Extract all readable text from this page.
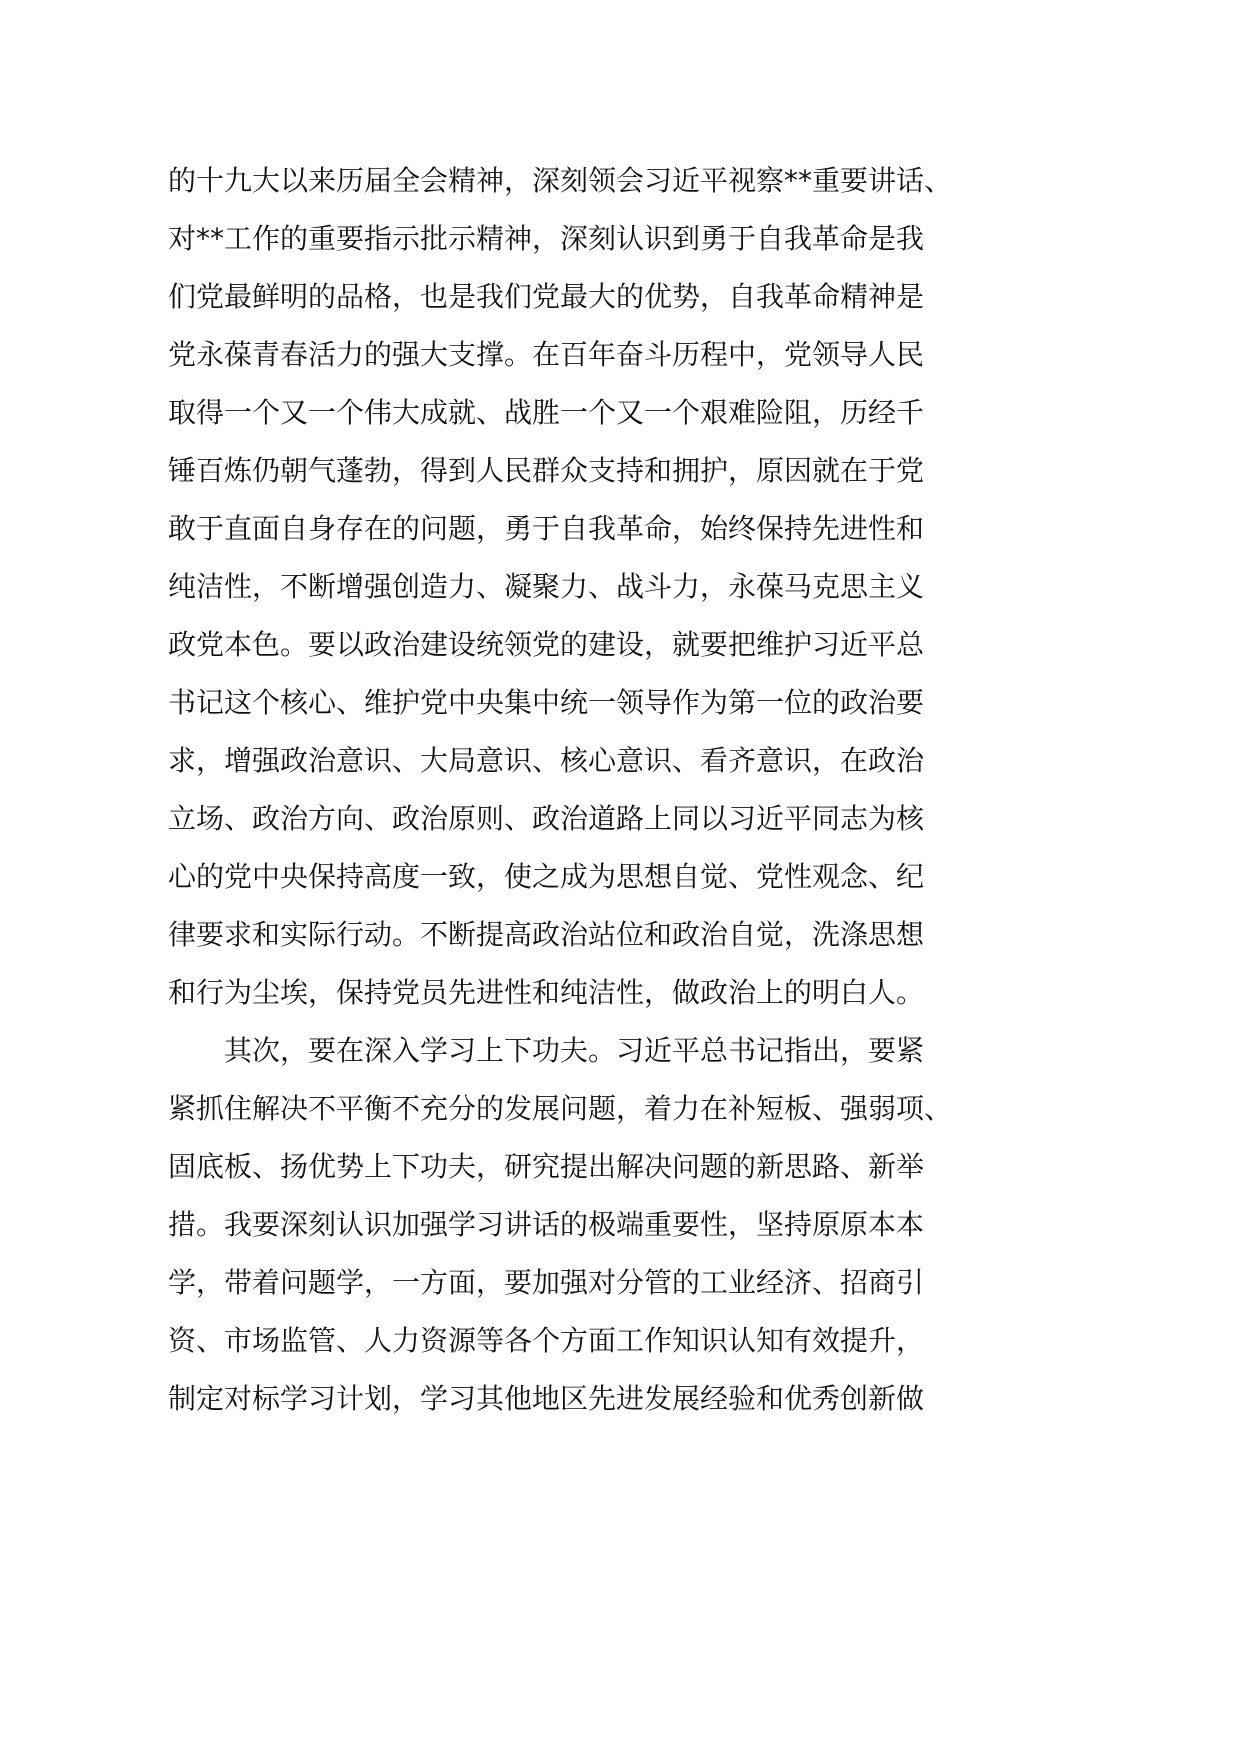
的十九大以来历届全会精神，深刻领会习近平视察**重要讲话、
对**工作的重要指示批示精神，深刻认识到勇于自我革命是我
们党最鲜明的品格，也是我们党最大的优势，自我革命精神是
党永葆青春活力的强大支撑。在百年奋斗历程中，党领导人民
取得一个又一个伟大成就、战胜一个又一个艰难险阻，历经千
锤百炼仍朝气蓬勃，得到人民群众支持和拥护，原因就在于党
敢于直面自身存在的问题，勇于自我革命，始终保持先进性和
纯洁性，不断增强创造力、凝聚力、战斗力，永葆马克思主义
政党本色。要以政治建设统领党的建设，就要把维护习近平总
书记这个核心、维护党中央集中统一领导作为第一位的政治要
求，增强政治意识、大局意识、核心意识、看齐意识，在政治
立场、政治方向、政治原则、政治道路上同以习近平同志为核
心的党中央保持高度一致，使之成为思想自觉、党性观念、纪
律要求和实际行动。不断提高政治站位和政治自觉，洗涤思想
和行为尘埃，保持党员先进性和纯洁性，做政治上的明白人。
其次，要在深入学习上下功夫。习近平总书记指出，要紧
紧抓住解决不平衡不充分的发展问题，着力在补短板、强弱项、
固底板、扬优势上下功夫，研究提出解决问题的新思路、新举
措。我要深刻认识加强学习讲话的极端重要性，坚持原原本本
学，带着问题学，一方面，要加强对分管的工业经济、招商引
资、市场监管、人力资源等各个方面工作知识认知有效提升，
制定对标学习计划，学习其他地区先进发展经验和优秀创新做
